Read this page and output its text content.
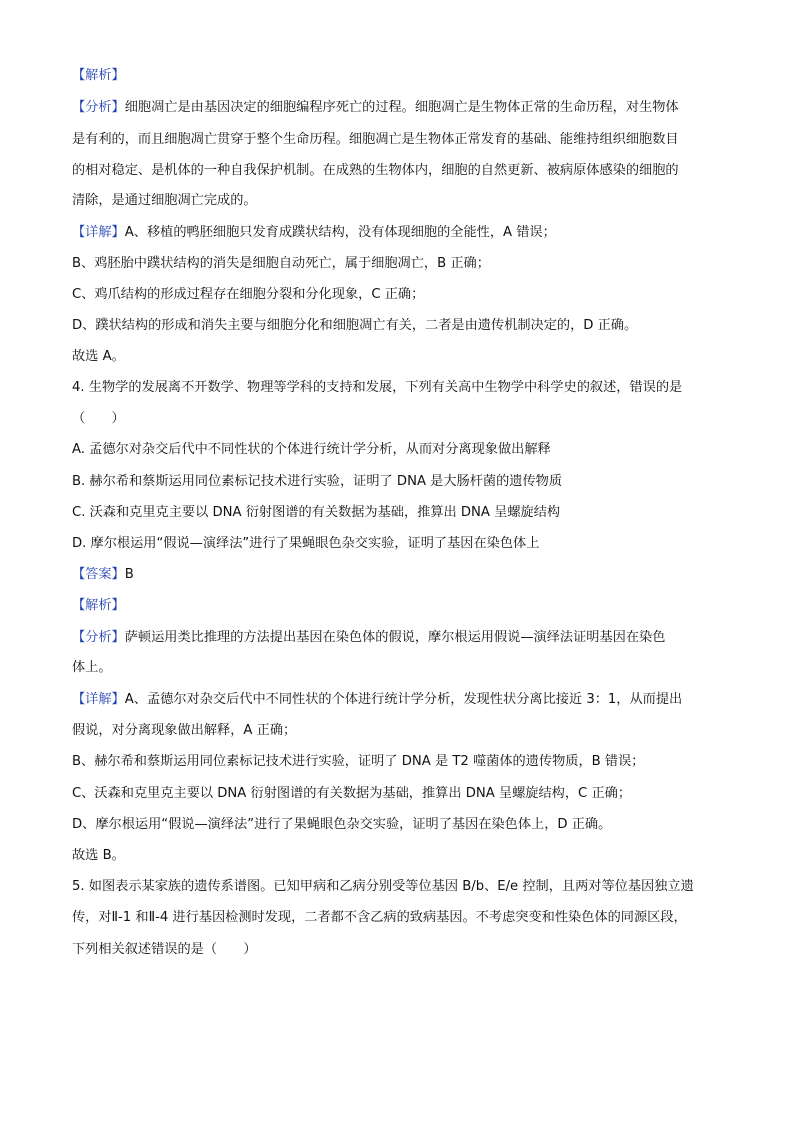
【解析】
【分析】细胞凋亡是由基因决定的细胞编程序死亡的过程。细胞凋亡是生物体正常的生命历程，对生物体
是有利的，而且细胞凋亡贯穿于整个生命历程。细胞凋亡是生物体正常发育的基础、能维持组织细胞数目
的相对稳定、是机体的一种自我保护机制。在成熟的生物体内，细胞的自然更新、被病原体感染的细胞的
清除，是通过细胞凋亡完成的。
【详解】A、移植的鸭胚细胞只发育成蹼状结构，没有体现细胞的全能性，A 错误；
B、鸡胚胎中蹼状结构的消失是细胞自动死亡，属于细胞凋亡，B 正确；
C、鸡爪结构的形成过程存在细胞分裂和分化现象，C 正确；
D、蹼状结构的形成和消失主要与细胞分化和细胞凋亡有关，二者是由遗传机制决定的，D 正确。
故选 A。
4. 生物学的发展离不开数学、物理等学科的支持和发展，下列有关高中生物学中科学史的叙述，错误的是
（　　）
A. 孟德尔对杂交后代中不同性状的个体进行统计学分析，从而对分离现象做出解释
B. 赫尔希和蔡斯运用同位素标记技术进行实验，证明了 DNA 是大肠杆菌的遗传物质
C. 沃森和克里克主要以 DNA 衍射图谱的有关数据为基础，推算出 DNA 呈螺旋结构
D. 摩尔根运用“假说—演绎法”进行了果蝇眼色杂交实验，证明了基因在染色体上
【答案】B
【解析】
【分析】萨顿运用类比推理的方法提出基因在染色体的假说，摩尔根运用假说—演绎法证明基因在染色
体上。
【详解】A、孟德尔对杂交后代中不同性状的个体进行统计学分析，发现性状分离比接近 3：1，从而提出
假说，对分离现象做出解释，A 正确；
B、赫尔希和蔡斯运用同位素标记技术进行实验，证明了 DNA 是 T2 噬菌体的遗传物质，B 错误；
C、沃森和克里克主要以 DNA 衍射图谱的有关数据为基础，推算出 DNA 呈螺旋结构，C 正确；
D、摩尔根运用“假说—演绎法”进行了果蝇眼色杂交实验，证明了基因在染色体上，D 正确。
故选 B。
5. 如图表示某家族的遗传系谱图。已知甲病和乙病分别受等位基因 B/b、E/e 控制，且两对等位基因独立遗
传，对Ⅱ-1 和Ⅱ-4 进行基因检测时发现，二者都不含乙病的致病基因。不考虑突变和性染色体的同源区段，
下列相关叙述错误的是（　　）
